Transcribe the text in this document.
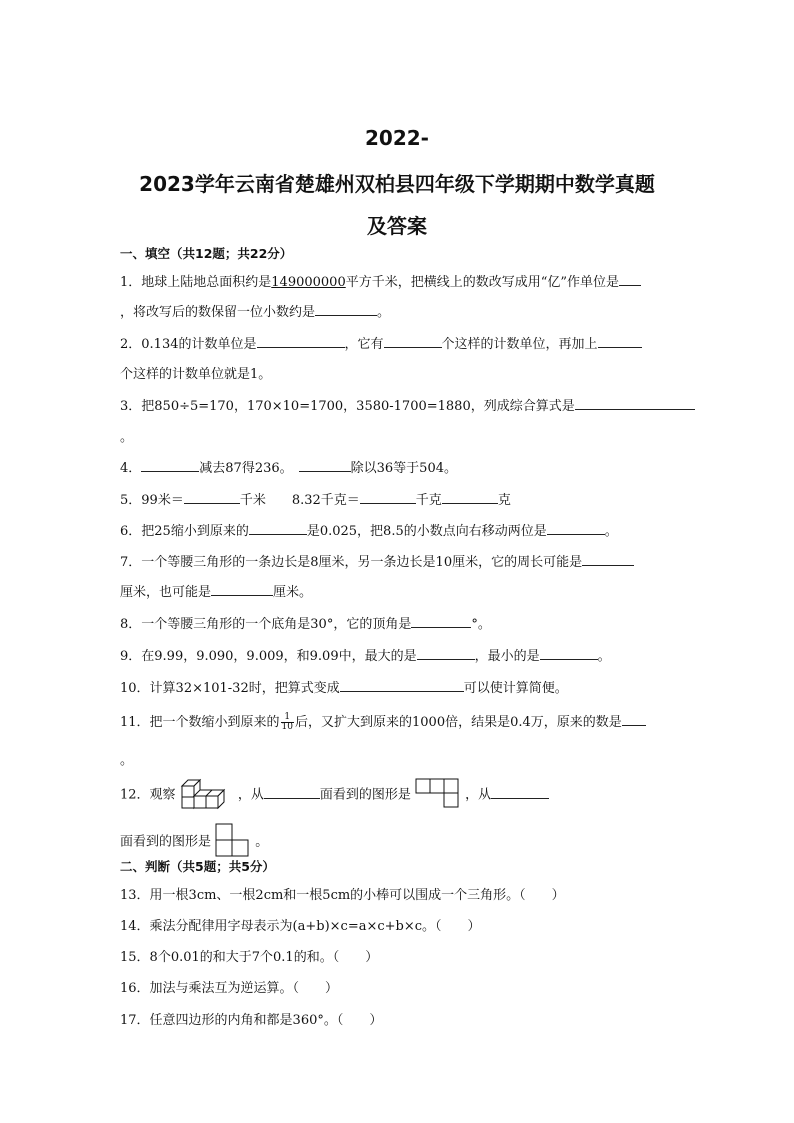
2022-
2023学年云南省楚雄州双柏县四年级下学期期中数学真题
及答案
一、填空（共12题；共22分）
1．地球上陆地总面积约是149000000平方千米，把横线上的数改写成用“亿”作单位是
，将改写后的数保留一位小数约是	。
2．0.134的计数单位是	，它有	个这样的计数单位，再加上
个这样的计数单位就是1。
3．把850÷5=170，170×10=1700，3580-1700=1880，列成综合算式是
。
4．	减去87得236。	除以36等于504。
5．99米＝	千米 8.32千克＝	千克	克
6．把25缩小到原来的	是0.025，把8.5的小数点向右移动两位是	。
7．一个等腰三角形的一条边长是8厘米，另一条边长是10厘米，它的周长可能是
厘米，也可能是	厘米。
8．一个等腰三角形的一个底角是30°，它的顶角是	°。
9．在9.99，9.090，9.009，和9.09中，最大的是	，最小的是	。
10．计算32×101-32时，把算式变成	可以使计算简便。
11．把一个数缩小到原来的 $\frac{1}{10}$ 后，又扩大到原来的1000倍，结果是0.4万，原来的数是
。
12．观察	，从	面看到的图形是	，从
面看到的图形是	。
二、判断（共5题；共5分）
13．用一根3cm、一根2cm和一根5cm的小棒可以围成一个三角形。（　　）
14．乘法分配律用字母表示为(a+b)×c=a×c+b×c。（　　）
15．8个0.01的和大于7个0.1的和。（　　）
16．加法与乘法互为逆运算。（　　）
17．任意四边形的内角和都是360°。（　　）
